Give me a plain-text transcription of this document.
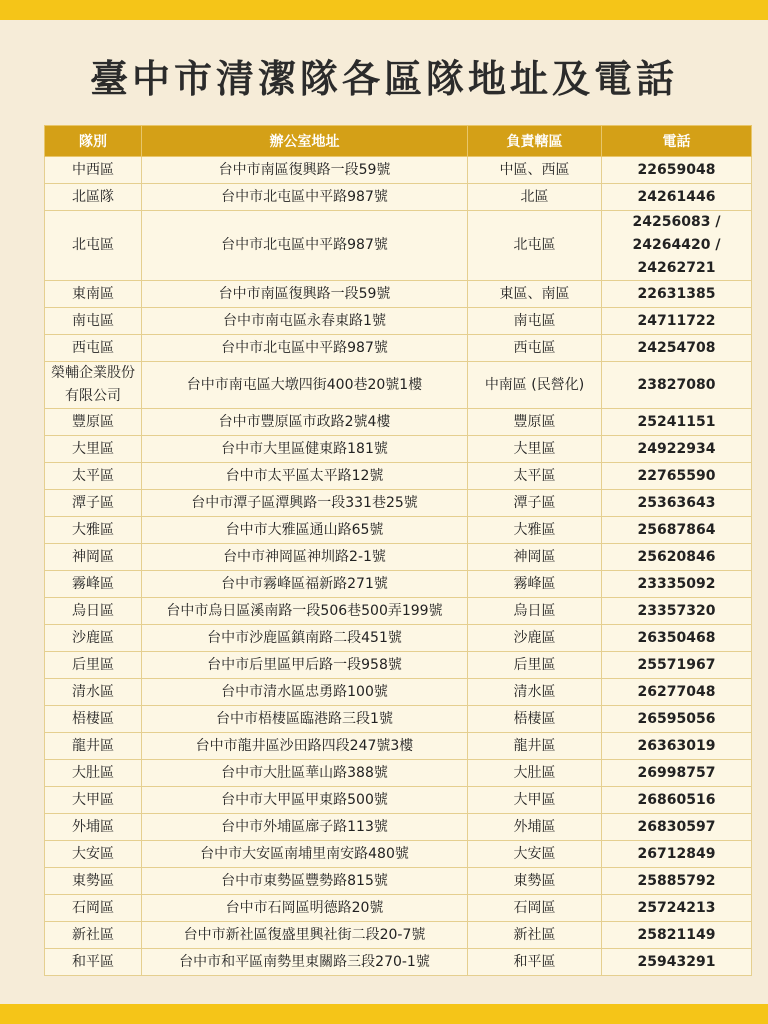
臺中市清潔隊各區隊地址及電話
隊別	辦公室地址	負責轄區	電話
中西區	台中市南區復興路一段59號	中區、西區	22659048
北區隊	台中市北屯區中平路987號	北區	24261446
北屯區	台中市北屯區中平路987號	北屯區	24256083 / 24264420 / 24262721
東南區	台中市南區復興路一段59號	東區、南區	22631385
南屯區	台中市南屯區永春東路1號	南屯區	24711722
西屯區	台中市北屯區中平路987號	西屯區	24254708
榮輔企業股份有限公司	台中市南屯區大墩四街400巷20號1樓	中南區 (民營化)	23827080
豐原區	台中市豐原區市政路2號4樓	豐原區	25241151
大里區	台中市大里區健東路181號	大里區	24922934
太平區	台中市太平區太平路12號	太平區	22765590
潭子區	台中市潭子區潭興路一段331巷25號	潭子區	25363643
大雅區	台中市大雅區通山路65號	大雅區	25687864
神岡區	台中市神岡區神圳路2-1號	神岡區	25620846
霧峰區	台中市霧峰區福新路271號	霧峰區	23335092
烏日區	台中市烏日區溪南路一段506巷500弄199號	烏日區	23357320
沙鹿區	台中市沙鹿區鎮南路二段451號	沙鹿區	26350468
后里區	台中市后里區甲后路一段958號	后里區	25571967
清水區	台中市清水區忠勇路100號	清水區	26277048
梧棲區	台中市梧棲區臨港路三段1號	梧棲區	26595056
龍井區	台中市龍井區沙田路四段247號3樓	龍井區	26363019
大肚區	台中市大肚區華山路388號	大肚區	26998757
大甲區	台中市大甲區甲東路500號	大甲區	26860516
外埔區	台中市外埔區廍子路113號	外埔區	26830597
大安區	台中市大安區南埔里南安路480號	大安區	26712849
東勢區	台中市東勢區豐勢路815號	東勢區	25885792
石岡區	台中市石岡區明德路20號	石岡區	25724213
新社區	台中市新社區復盛里興社街二段20-7號	新社區	25821149
和平區	台中市和平區南勢里東關路三段270-1號	和平區	25943291
